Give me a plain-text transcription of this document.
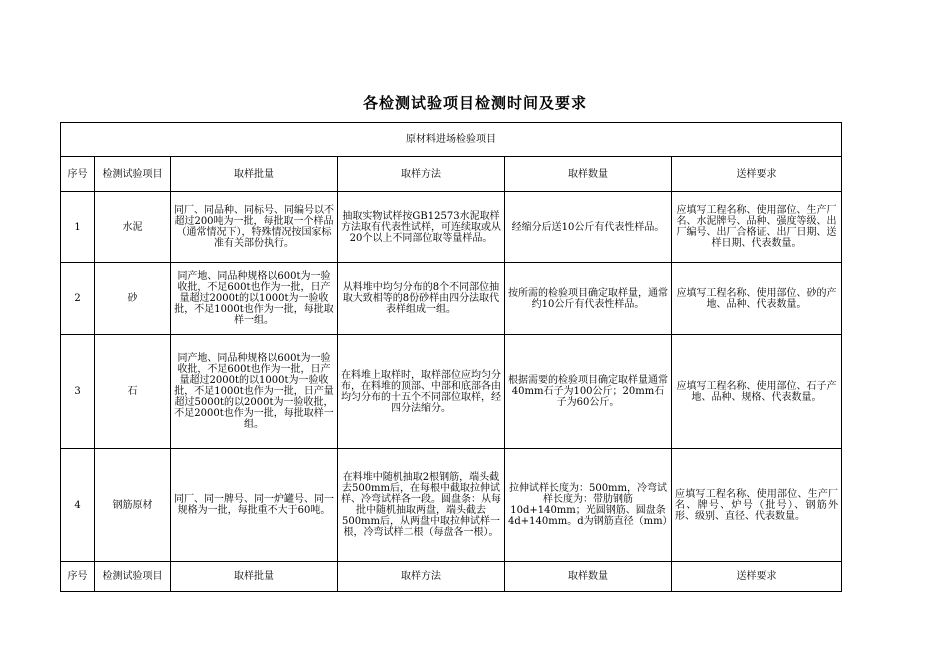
各检测试验项目检测时间及要求
原材料进场检验项目					
序号	检测试验项目	取样批量	取样方法	取样数量	送样要求
1	水泥	同厂、同品种、同标号、同编号以不超过200吨为一批，每批取一个样品（通常情况下），特殊情况按国家标准有关部份执行。	抽取实物试样按GB12573水泥取样方法取有代表性试样，可连续取或从20个以上不同部位取等量样品。	经缩分后送10公斤有代表性样品。	应填写工程名称、使用部位、生产厂名、水泥牌号、品种、强度等级、出厂编号、出厂合格证、出厂日期、送样日期、代表数量。
2	砂	同产地、同品种规格以600t为一验收批，不足600t也作为一批，日产量超过2000t的以1000t为一验收批，不足1000t也作为一批，每批取样一组。	从料堆中均匀分布的8个不同部位抽取大致相等的8份砂样由四分法取代表样组成一组。	按所需的检验项目确定取样量，通常约10公斤有代表性样品。	应填写工程名称、使用部位、砂的产地、品种、代表数量。
3	石	同产地、同品种规格以600t为一验收批，不足600t也作为一批，日产量超过2000t的以1000t为一验收批，不足1000t也作为一批，日产量超过5000t的以2000t为一验收批，不足2000t也作为一批，每批取样一组。	在料堆上取样时，取样部位应均匀分布，在料堆的顶部、中部和底部各由均匀分布的十五个不同部位取样，经四分法缩分。	根据需要的检验项目确定取样量通常40mm石子为100公斤；20mm石子为60公斤。	应填写工程名称、使用部位、石子产地、品种、规格、代表数量。
4	钢筋原材	同厂、同一牌号、同一炉罐号、同一规格为一批，每批重不大于60吨。	在料堆中随机抽取2根钢筋，端头截去500mm后，在每根中截取拉伸试样、冷弯试样各一段。圆盘条：从每批中随机抽取两盘，端头截去500mm后，从两盘中取拉伸试样一根，冷弯试样二根（每盘各一根）。	拉伸试样长度为：500mm，冷弯试样长度为：带肋钢筋10d+140mm；光圆钢筋、圆盘条4d+140mm。d为钢筋直径（mm）	应填写工程名称、使用部位、生产厂名、牌号、炉号（批号）、钢筋外形、级别、直径、代表数量。
序号	检测试验项目	取样批量	取样方法	取样数量	送样要求
